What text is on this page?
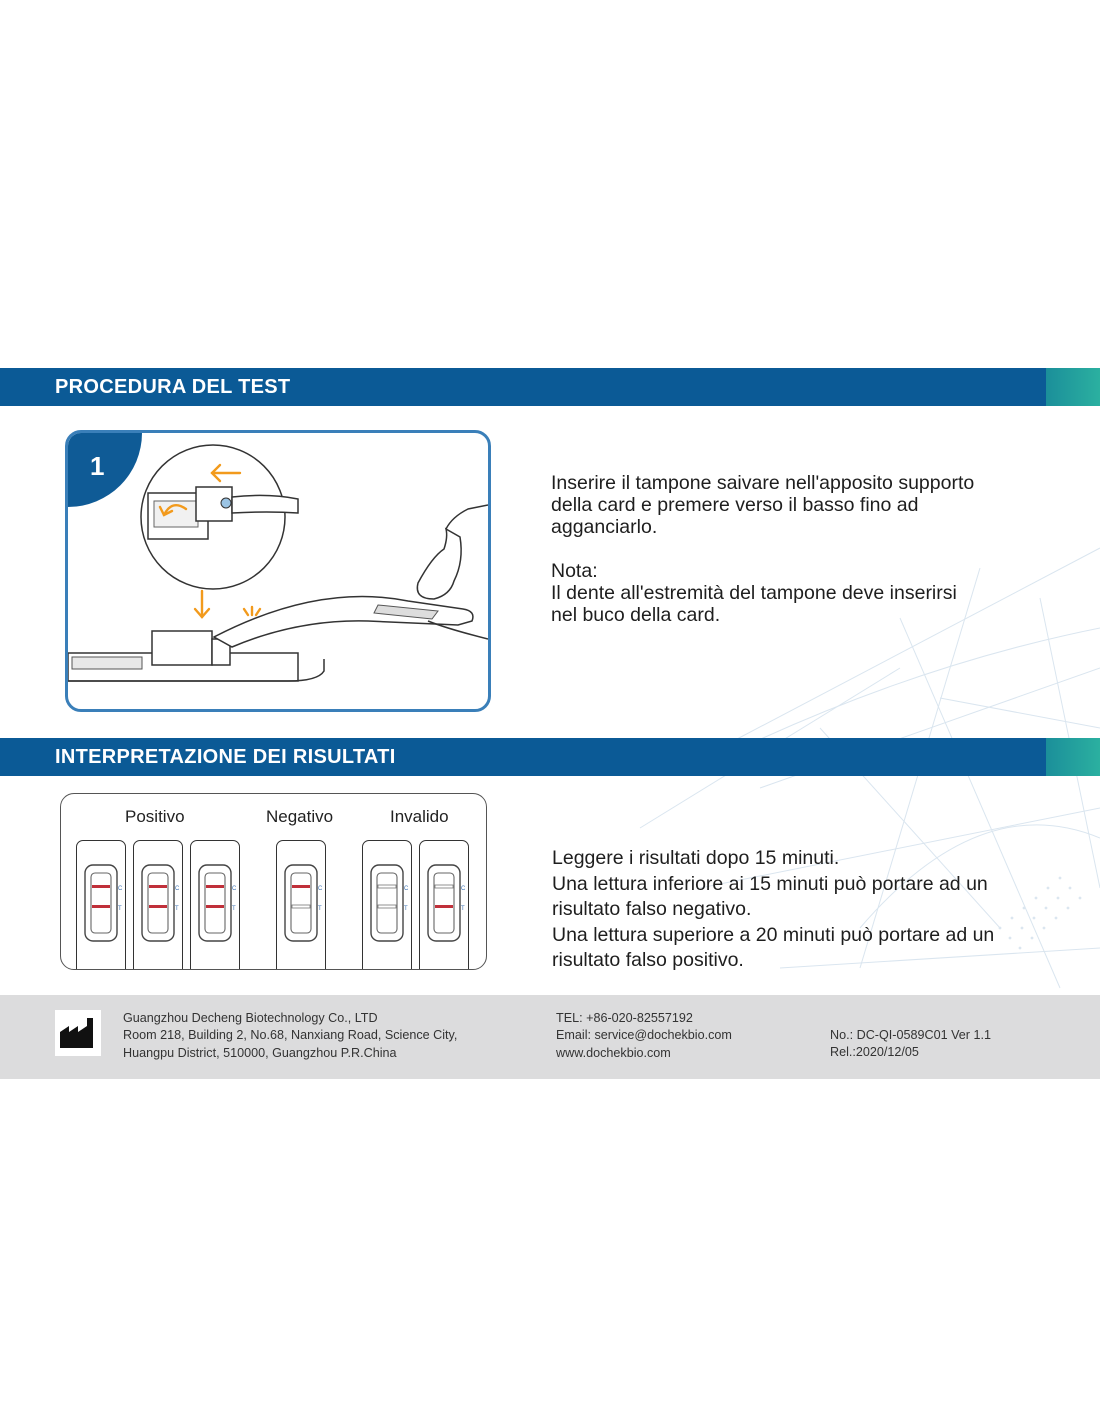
PROCEDURA DEL TEST
1

Inserire il tampone saivare nell'apposito supporto

della card e premere verso il basso fino ad

agganciarlo.

Nota:

Il dente all'estremità del tampone deve inserirsi

nel buco della card.

INTERPRETAZIONE DEI RISULTATI
Positivo	Negativo	Invalido
C
T
C
T
C
T
C
T
C
T
C
T

Leggere i risultati dopo 15 minuti.

Una lettura inferiore ai 15 minuti può portare ad un

risultato falso negativo.

Una lettura superiore a 20 minuti può portare ad un

risultato falso positivo.

Guangzhou Decheng Biotechnology Co., LTD
Room 218, Building 2, No.68, Nanxiang Road, Science City,
Huangpu District, 510000, Guangzhou P.R.China
TEL: +86-020-82557192
Email: service@dochekbio.com
www.dochekbio.com
No.: DC-QI-0589C01 Ver 1.1
Rel.:2020/12/05
